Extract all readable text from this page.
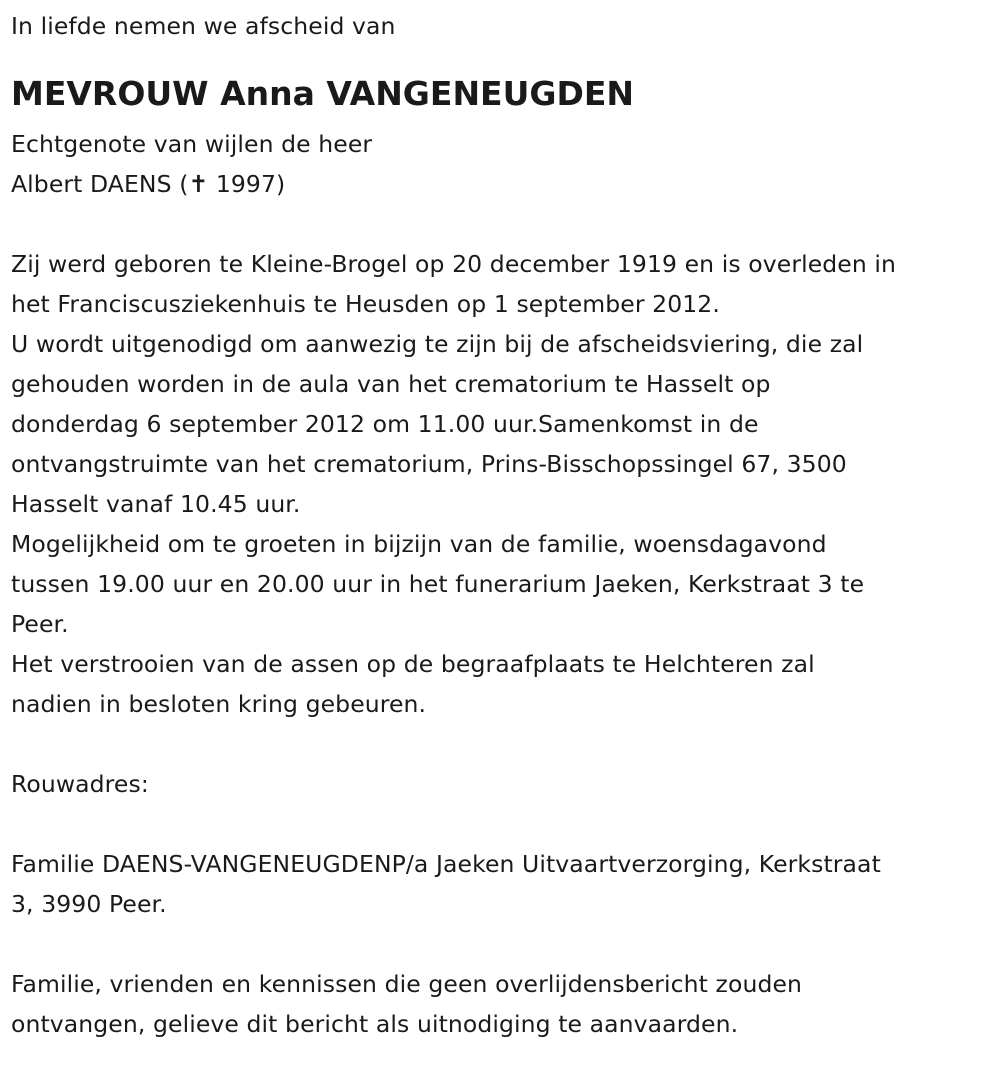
In liefde nemen we afscheid van
MEVROUW Anna VANGENEUGDEN
Echtgenote van wijlen de heer
Albert DAENS (✝ 1997)
Zij werd geboren te Kleine-Brogel op 20 december 1919 en is overleden in
het Franciscusziekenhuis te Heusden op 1 september 2012.
U wordt uitgenodigd om aanwezig te zijn bij de afscheidsviering, die zal
gehouden worden in de aula van het crematorium te Hasselt op
donderdag 6 september 2012 om 11.00 uur.Samenkomst in de
ontvangstruimte van het crematorium, Prins-Bisschopssingel 67, 3500
Hasselt vanaf 10.45 uur.
Mogelijkheid om te groeten in bijzijn van de familie, woensdagavond
tussen 19.00 uur en 20.00 uur in het funerarium Jaeken, Kerkstraat 3 te
Peer.
Het verstrooien van de assen op de begraafplaats te Helchteren zal
nadien in besloten kring gebeuren.
Rouwadres:
Familie DAENS-VANGENEUGDENP/a Jaeken Uitvaartverzorging, Kerkstraat
3, 3990 Peer.
Familie, vrienden en kennissen die geen overlijdensbericht zouden
ontvangen, gelieve dit bericht als uitnodiging te aanvaarden.
